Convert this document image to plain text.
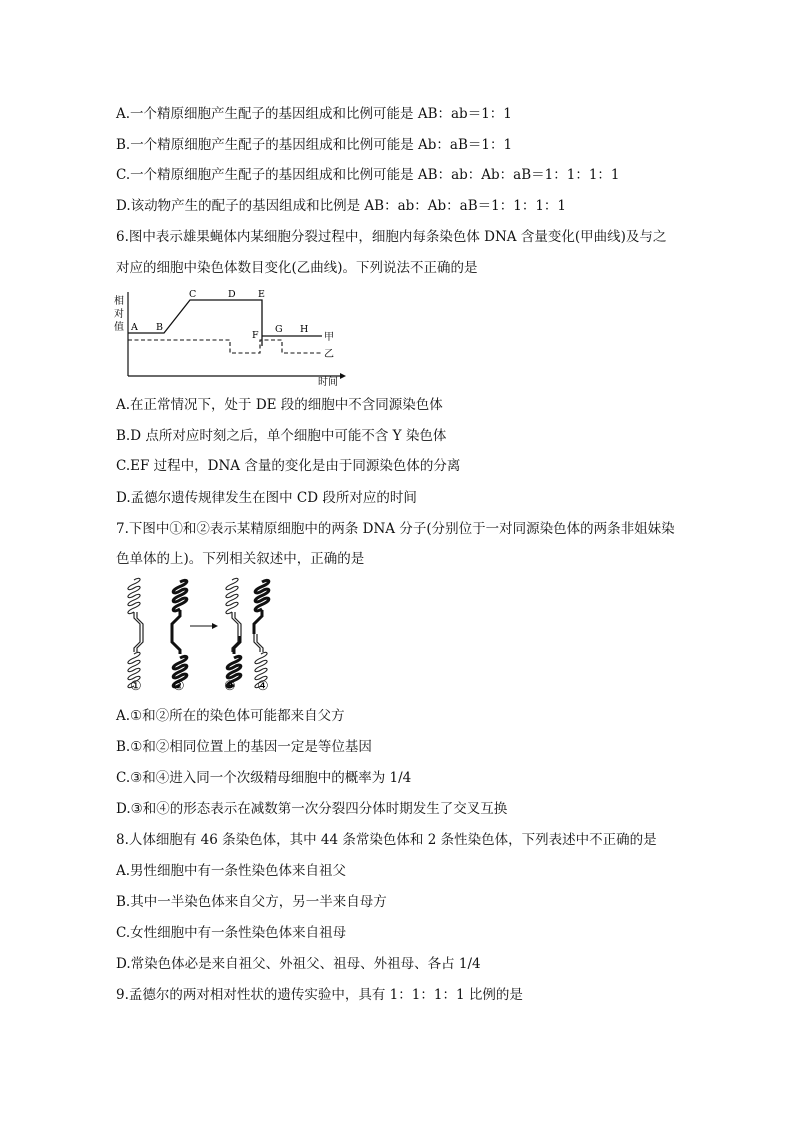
A.一个精原细胞产生配子的基因组成和比例可能是 AB：ab＝1：1
B.一个精原细胞产生配子的基因组成和比例可能是 Ab：aB＝1：1
C.一个精原细胞产生配子的基因组成和比例可能是 AB：ab：Ab：aB＝1：1：1：1
D.该动物产生的配子的基因组成和比例是 AB：ab：Ab：aB＝1：1：1：1
6.图中表示雄果蝇体内某细胞分裂过程中，细胞内每条染色体 DNA 含量变化(甲曲线)及与之
对应的细胞中染色体数目变化(乙曲线)。下列说法不正确的是
相
对
值
时间
A B
C	D E
F
G H
甲
乙
A.在正常情况下，处于 DE 段的细胞中不含同源染色体
B.D 点所对应时刻之后，单个细胞中可能不含 Y 染色体
C.EF 过程中，DNA 含量的变化是由于同源染色体的分离
D.孟德尔遗传规律发生在图中 CD 段所对应的时间
7.下图中①和②表示某精原细胞中的两条 DNA 分子(分别位于一对同源染色体的两条非姐妹染
色单体的上)。下列相关叙述中，正确的是
① ②	③ ④
A.①和②所在的染色体可能都来自父方
B.①和②相同位置上的基因一定是等位基因
C.③和④进入同一个次级精母细胞中的概率为 1/4
D.③和④的形态表示在减数第一次分裂四分体时期发生了交叉互换
8.人体细胞有 46 条染色体，其中 44 条常染色体和 2 条性染色体，下列表述中不正确的是
A.男性细胞中有一条性染色体来自祖父
B.其中一半染色体来自父方，另一半来自母方
C.女性细胞中有一条性染色体来自祖母
D.常染色体必是来自祖父、外祖父、祖母、外祖母、各占 1/4
9.孟德尔的两对相对性状的遗传实验中，具有 1：1：1：1 比例的是
